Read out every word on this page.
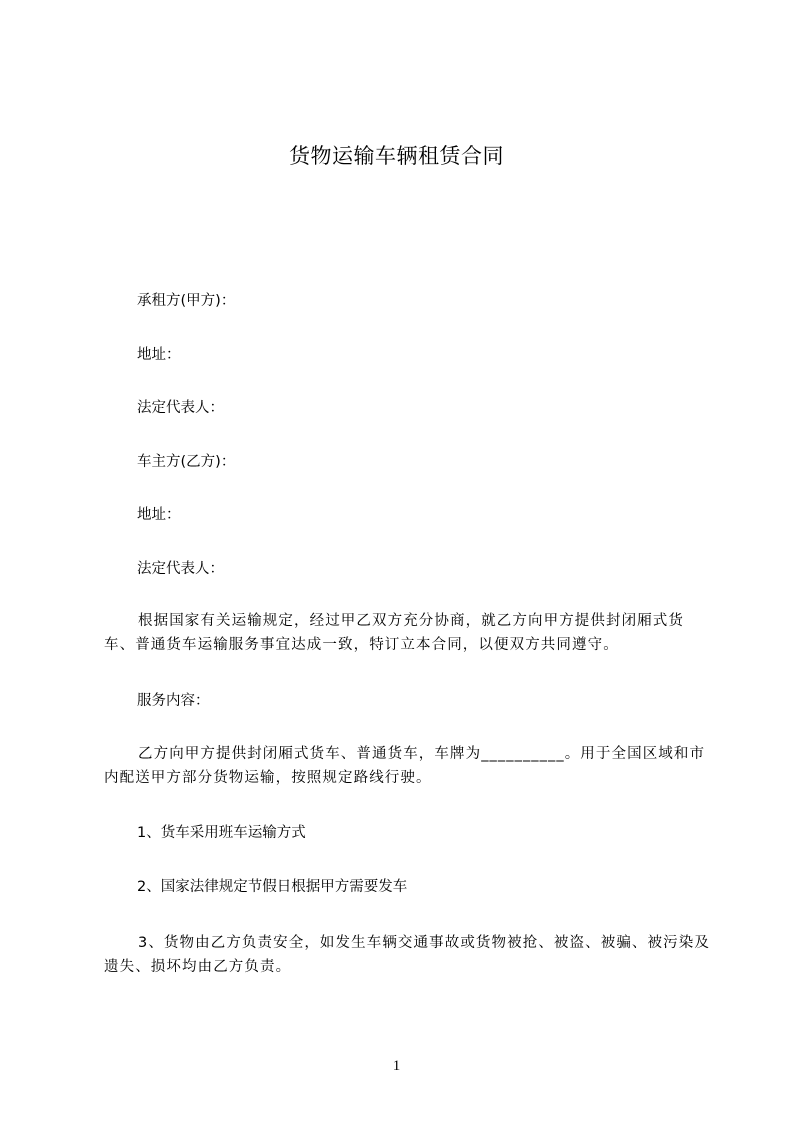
货物运输车辆租赁合同
承租方(甲方)：
地址：
法定代表人：
车主方(乙方)：
地址：
法定代表人：

根据国家有关运输规定，经过甲乙双方充分协商，就乙方向甲方提供封闭厢式货车、普通货车运输服务事宜达成一致，特订立本合同，以便双方共同遵守。

服务内容：

乙方向甲方提供封闭厢式货车、普通货车，车牌为__________。用于全国区域和市内配送甲方部分货物运输，按照规定路线行驶。

1、货车采用班车运输方式
2、国家法律规定节假日根据甲方需要发车

3、货物由乙方负责安全，如发生车辆交通事故或货物被抢、被盗、被骗、被污染及遗失、损坏均由乙方负责。

1
